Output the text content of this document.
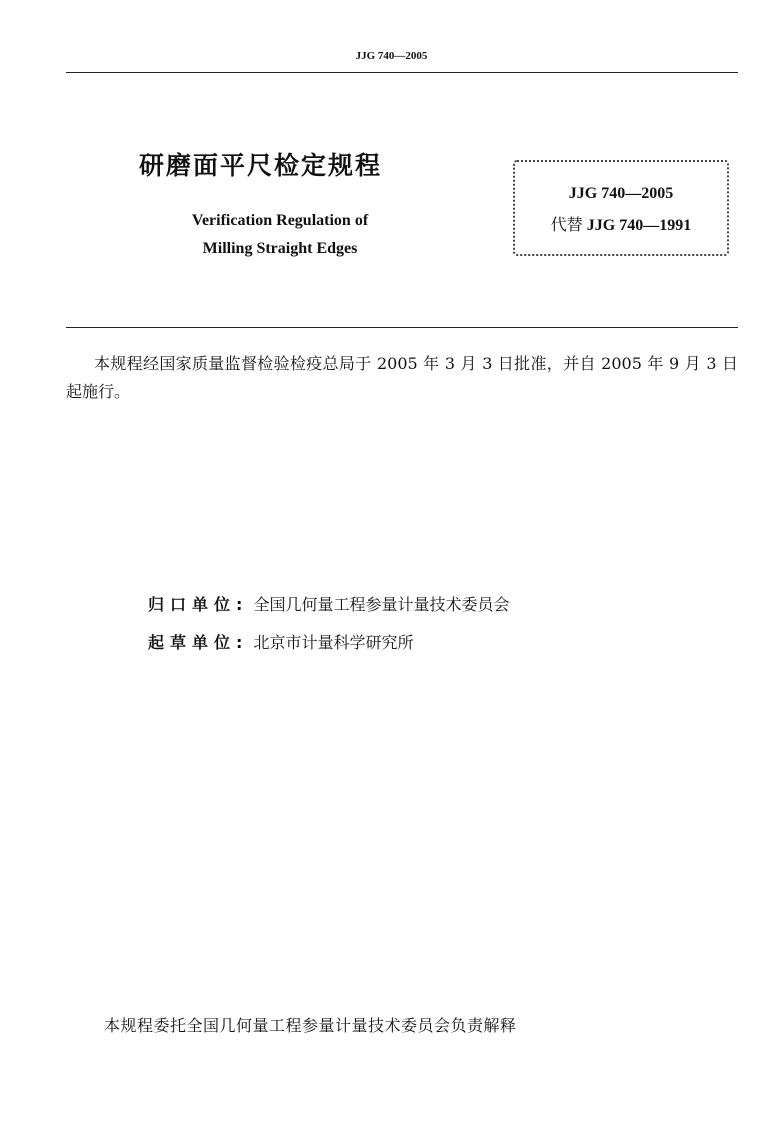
JJG 740—2005
研磨面平尺检定规程
Verification Regulation of
Milling Straight Edges
JJG 740—2005
代替 JJG 740—1991
本规程经国家质量监督检验检疫总局于 2005 年 3 月 3 日批准，并自 2005 年 9 月 3 日起施行。
归口单位: 全国几何量工程参量计量技术委员会
起草单位: 北京市计量科学研究所
本规程委托全国几何量工程参量计量技术委员会负责解释
